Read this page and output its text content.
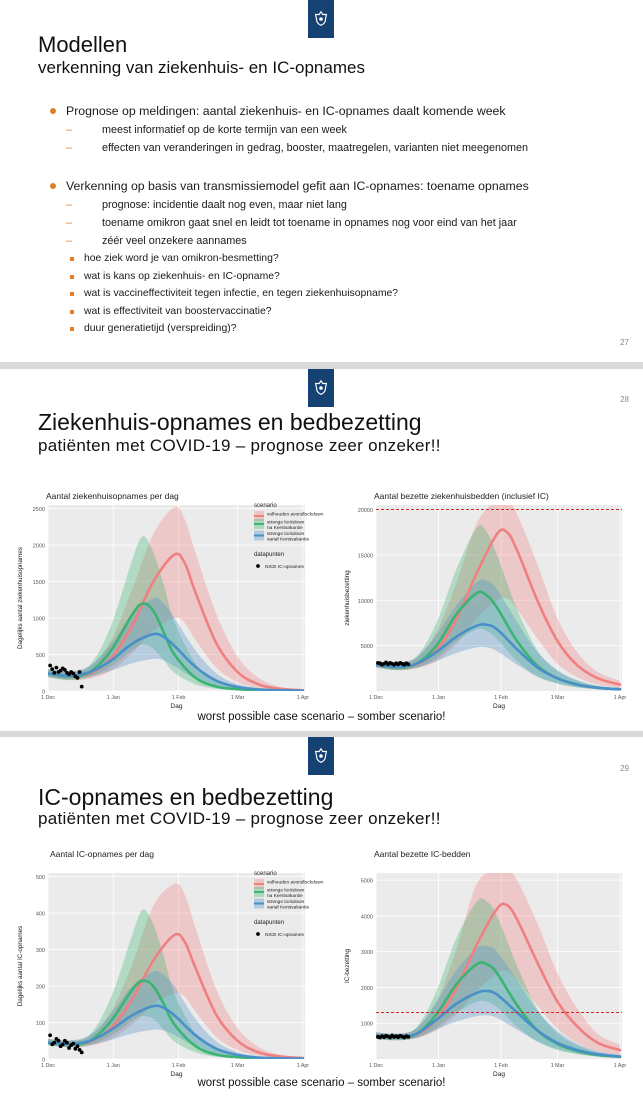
Modellen
verkenning van ziekenhuis- en IC-opnames
Prognose op meldingen: aantal ziekenhuis- en IC-opnames daalt komende week
– meest informatief op de korte termijn van een week
– effecten van veranderingen in gedrag, booster, maatregelen, varianten niet meegenomen
Verkenning op basis van transmissiemodel gefit aan IC-opnames: toename opnames
– prognose: incidentie daalt nog even, maar niet lang
– toename omikron gaat snel en leidt tot toename in opnames nog voor eind van het jaar
– zéér veel onzekere aannames
hoe ziek word je van omikron-besmetting?
wat is kans op ziekenhuis- en IC-opname?
wat is vaccineffectiviteit tegen infectie, en tegen ziekenhuisopname?
wat is effectiviteit van boostervaccinatie?
duur generatietijd (verspreiding)?
27
28
Ziekenhuis-opnames en bedbezetting
patiënten met COVID-19 – prognose zeer onzeker!!
Aantal ziekenhuisopnames per dag
0
500
1000
1500
2000
2500
1 Dec	1 Jan	1 Feb	1 Mar	1 Apr
Dag
Dagelijks aantal ziekenhuisopnames
scenario
volhouden avondlockdown
strenge lockdown
na Kerstvakantie
strenge lockdown
vanaf Kerstvakantie
datapunten
NICE IC-opnames
Aantal bezette ziekenhuisbedden (inclusief IC)
5000
10000
15000
20000
1 Dec	1 Jan	1 Feb	1 Mar	1 Apr
Dag
ziekenhuisbezetting
worst possible case scenario – somber scenario!
29
IC-opnames en bedbezetting
patiënten met COVID-19 – prognose zeer onzeker!!
Aantal IC-opnames per dag
0
100
200
300
400
500
1 Dec	1 Jan	1 Feb	1 Mar	1 Apr
Dag
Dagelijks aantal IC-opnames
scenario
volhouden avondlockdown
strenge lockdown
na Kerstvakantie
strenge lockdown
vanaf Kerstvakantie
datapunten
NICE IC-opnames
Aantal bezette IC-bedden
1000
2000
3000
4000
5000
1 Dec	1 Jan	1 Feb	1 Mar	1 Apr
Dag
IC-bezetting
worst possible case scenario – somber scenario!
